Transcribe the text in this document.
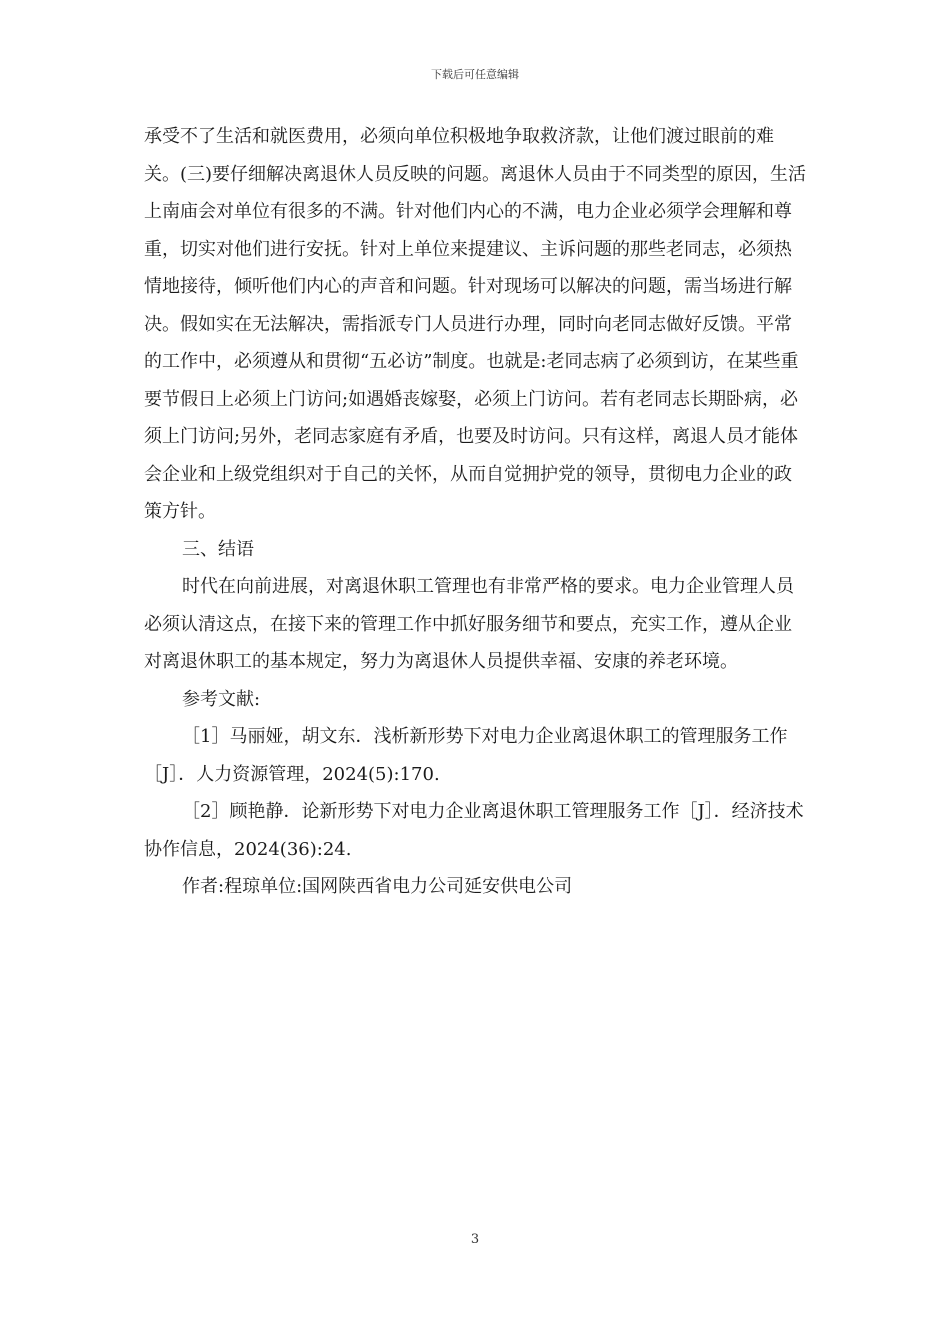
下载后可任意编辑

承受不了生活和就医费用，必须向单位积极地争取救济款，让他们渡过眼前的难关。(三)要仔细解决离退休人员反映的问题。离退休人员由于不同类型的原因，生活上南庙会对单位有很多的不满。针对他们内心的不满，电力企业必须学会理解和尊重，切实对他们进行安抚。针对上单位来提建议、主诉问题的那些老同志，必须热情地接待，倾听他们内心的声音和问题。针对现场可以解决的问题，需当场进行解决。假如实在无法解决，需指派专门人员进行办理，同时向老同志做好反馈。平常的工作中，必须遵从和贯彻“五必访”制度。也就是:老同志病了必须到访，在某些重要节假日上必须上门访问;如遇婚丧嫁娶，必须上门访问。若有老同志长期卧病，必须上门访问;另外，老同志家庭有矛盾，也要及时访问。只有这样，离退人员才能体会企业和上级党组织对于自己的关怀，从而自觉拥护党的领导，贯彻电力企业的政策方针。

三、结语

时代在向前进展，对离退休职工管理也有非常严格的要求。电力企业管理人员必须认清这点，在接下来的管理工作中抓好服务细节和要点，充实工作，遵从企业对离退休职工的基本规定，努力为离退休人员提供幸福、安康的养老环境。

参考文献:

［1］马丽娅，胡文东．浅析新形势下对电力企业离退休职工的管理服务工作［J］．人力资源管理，2024(5):170.

［2］顾艳静．论新形势下对电力企业离退休职工管理服务工作［J］．经济技术协作信息，2024(36):24.

作者:程琼单位:国网陕西省电力公司延安供电公司

3
